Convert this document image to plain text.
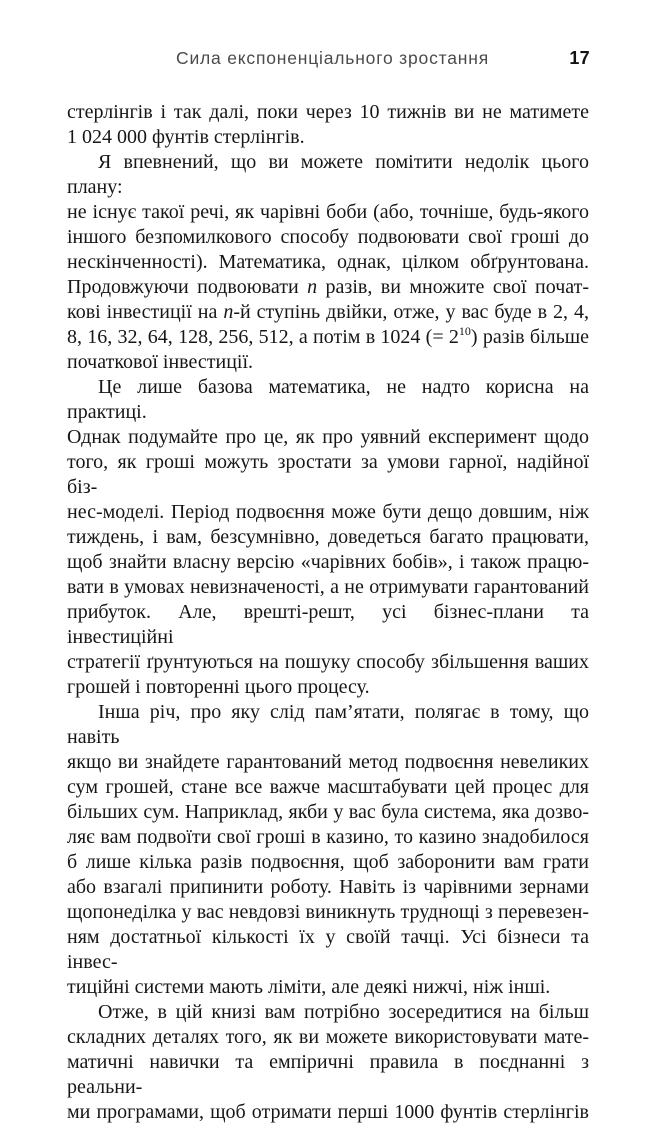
Сила експоненціального зростання	17
стерлінгів і так далі, поки через 10 тижнів ви не матимете
1 024 000 фунтів стерлінгів.
Я впевнений, що ви можете помітити недолік цього плану:
не існує такої речі, як чарівні боби (або, точніше, будь-якого
іншого безпомилкового способу подвоювати свої гроші до
нескінченності). Математика, однак, цілком обґрунтована.
Продовжуючи подвоювати n разів, ви множите свої почат-
кові інвестиції на n-й ступінь двійки, отже, у вас буде в 2, 4,
8, 16, 32, 64, 128, 256, 512, а потім в 1024 (= $2^{10}$) разів більше
початкової інвестиції.
Це лише базова математика, не надто корисна на практиці.
Однак подумайте про це, як про уявний експеримент щодо
того, як гроші можуть зростати за умови гарної, надійної біз-
нес-моделі. Період подвоєння може бути дещо довшим, ніж
тиждень, і вам, безсумнівно, доведеться багато працювати,
щоб знайти власну версію «чарівних бобів», і також працю-
вати в умовах невизначеності, а не отримувати гарантований
прибуток. Але, врешті-решт, усі бізнес-плани та інвестиційні
стратегії ґрунтуються на пошуку способу збільшення ваших
грошей і повторенні цього процесу.
Інша річ, про яку слід пам’ятати, полягає в тому, що навіть
якщо ви знайдете гарантований метод подвоєння невеликих
сум грошей, стане все важче масштабувати цей процес для
більших сум. Наприклад, якби у вас була система, яка дозво-
ляє вам подвоїти свої гроші в казино, то казино знадобилося
б лише кілька разів подвоєння, щоб заборонити вам грати
або взагалі припинити роботу. Навіть із чарівними зернами
щопонеділка у вас невдовзі виникнуть труднощі з перевезен-
ням достатньої кількості їх у своїй тачці. Усі бізнеси та інвес-
тиційні системи мають ліміти, але деякі нижчі, ніж інші.
Отже, в цій книзі вам потрібно зосередитися на більш
складних деталях того, як ви можете використовувати мате-
матичні навички та емпіричні правила в поєднанні з реальни-
ми програмами, щоб отримати перші 1000 фунтів стерлінгів
